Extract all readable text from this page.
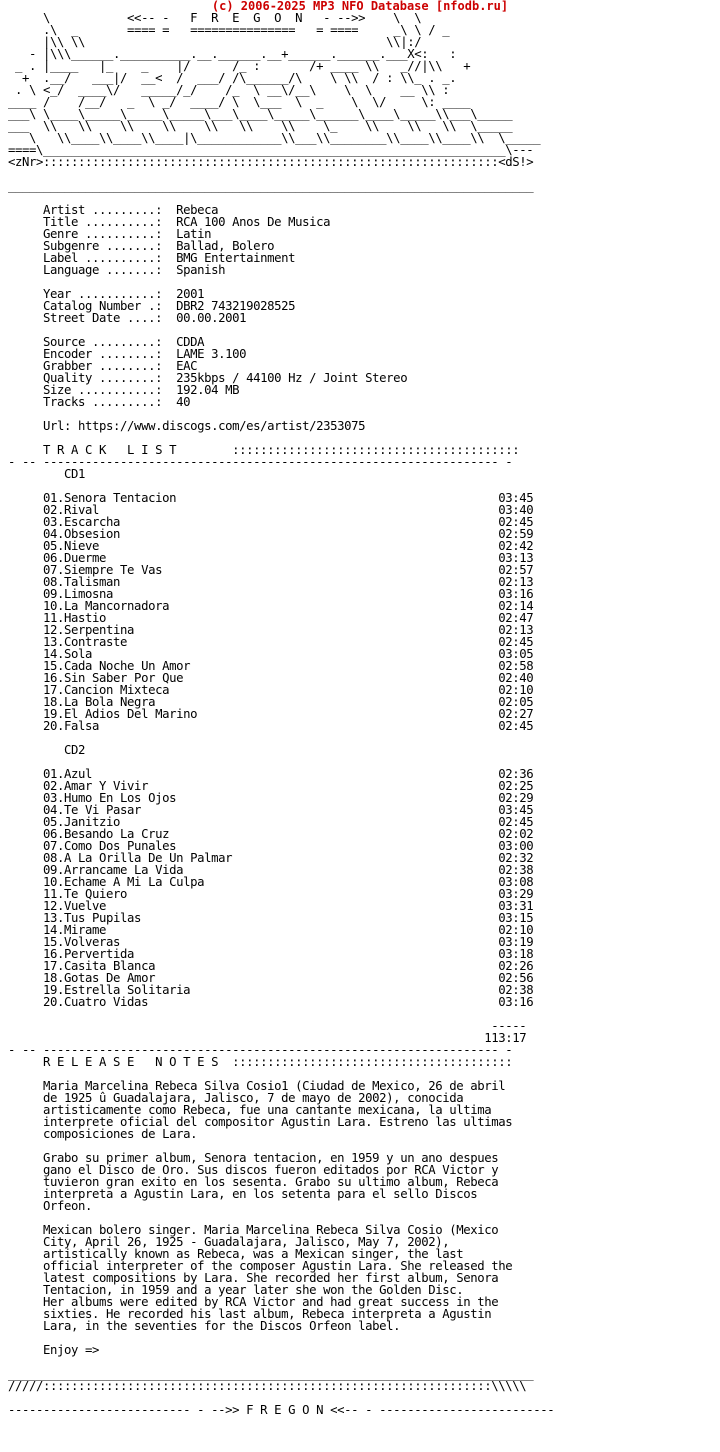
(c) 2006-2025 MP3 NFO Database [nfodb.ru]
\           <<-- -   F  R  E  G  O  N   - -->>    \  \
.\  _       ==== =   ===============   = ====     _\ \ / _
|\\ \\                                           \\|:/
- |\\\______.__________.__.______.__+______.______.___X<:   :
_ . |____   |_    _    |/      /_ :       /+ ____ \\   _//|\\   +
+  .__/   ___|/  __<  /  ___/ /\______/\    \ \\  / : \\_ . _.
. \ <_/  ____\/   _____/_/    /_  \ __\/__\    \  \    __ \\ :
____ /    /__/   _  \ _/  ____/ \  \___  \  _    \  \/     \: ____
___\ \____\_____\_____\_____\___\____\_____\______\____\_____\\___\_____
___  \\   \\    \\    \\    \\   \\    \\    \_    \\    \\   \\  \_____
\   \\____\\____\\____|\____________\\___\\________\\____\\____\\  \_____
====\__________________________________________________________________\---
<zNr>:::::::::::::::::::::::::::::::::::::::::::::::::::::::::::::::::<dS!>

___________________________________________________________________________

Artist .........:  Rebeca
Title ..........:  RCA 100 Anos De Musica
Genre ..........:  Latin
Subgenre .......:  Ballad, Bolero
Label ..........:  BMG Entertainment
Language .......:  Spanish

Year ...........:  2001
Catalog Number .:  DBR2 743219028525
Street Date ....:  00.00.2001

Source .........:  CDDA
Encoder ........:  LAME 3.100
Grabber ........:  EAC
Quality ........:  235kbps / 44100 Hz / Joint Stereo
Size ...........:  192.04 MB
Tracks .........:  40

Url: https://www.discogs.com/es/artist/2353075

T R A C K   L I S T        :::::::::::::::::::::::::::::::::::::::::
- -- ----------------------------------------------------------------- -
CD1

01.Senora Tentacion                                              03:45
02.Rival                                                         03:40
03.Escarcha                                                      02:45
04.Obsesion                                                      02:59
05.Nieve                                                         02:42
06.Duerme                                                        03:13
07.Siempre Te Vas                                                02:57
08.Talisman                                                      02:13
09.Limosna                                                       03:16
10.La Mancornadora                                               02:14
11.Hastio                                                        02:47
12.Serpentina                                                    02:13
13.Contraste                                                     02:45
14.Sola                                                          03:05
15.Cada Noche Un Amor                                            02:58
16.Sin Saber Por Que                                             02:40
17.Cancion Mixteca                                               02:10
18.La Bola Negra                                                 02:05
19.El Adios Del Marino                                           02:27
20.Falsa                                                         02:45

CD2

01.Azul                                                          02:36
02.Amar Y Vivir                                                  02:25
03.Humo En Los Ojos                                              02:29
04.Te Vi Pasar                                                   03:45
05.Janitzio                                                      02:45
06.Besando La Cruz                                               02:02
07.Como Dos Punales                                              03:00
08.A La Orilla De Un Palmar                                      02:32
09.Arrancame La Vida                                             02:38
10.Echame A Mi La Culpa                                          03:08
11.Te Quiero                                                     03:29
12.Vuelve                                                        03:31
13.Tus Pupilas                                                   03:15
14.Mirame                                                        02:10
15.Volveras                                                      03:19
16.Pervertida                                                    03:18
17.Casita Blanca                                                 02:26
18.Gotas De Amor                                                 02:56
19.Estrella Solitaria                                            02:38
20.Cuatro Vidas                                                  03:16

-----
113:17
- -- ----------------------------------------------------------------- -
R E L E A S E   N O T E S  ::::::::::::::::::::::::::::::::::::::::

Maria Marcelina Rebeca Silva Cosio1 (Ciudad de Mexico, 26 de abril
de 1925 û Guadalajara, Jalisco, 7 de mayo de 2002), conocida
artisticamente como Rebeca, fue una cantante mexicana, la ultima
interprete oficial del compositor Agustin Lara. Estreno las ultimas
composiciones de Lara.

Grabo su primer album, Senora tentacion, en 1959 y un ano despues
gano el Disco de Oro. Sus discos fueron editados por RCA Victor y
tuvieron gran exito en los sesenta. Grabo su ultimo album, Rebeca
interpreta a Agustin Lara, en los setenta para el sello Discos
Orfeon.

Mexican bolero singer. Maria Marcelina Rebeca Silva Cosio (Mexico
City, April 26, 1925 - Guadalajara, Jalisco, May 7, 2002),
artistically known as Rebeca, was a Mexican singer, the last
official interpreter of the composer Agustin Lara. She released the
latest compositions by Lara. She recorded her first album, Senora
Tentacion, in 1959 and a year later she won the Golden Disc.
Her albums were edited by RCA Victor and had great success in the
sixties. He recorded his last album, Rebeca interpreta a Agustin
Lara, in the seventies for the Discos Orfeon label.

Enjoy =>

___________________________________________________________________________
/////::::::::::::::::::::::::::::::::::::::::::::::::::::::::::::::::\\\\\

-------------------------- - -->> F R E G O N <<-- - -------------------------
